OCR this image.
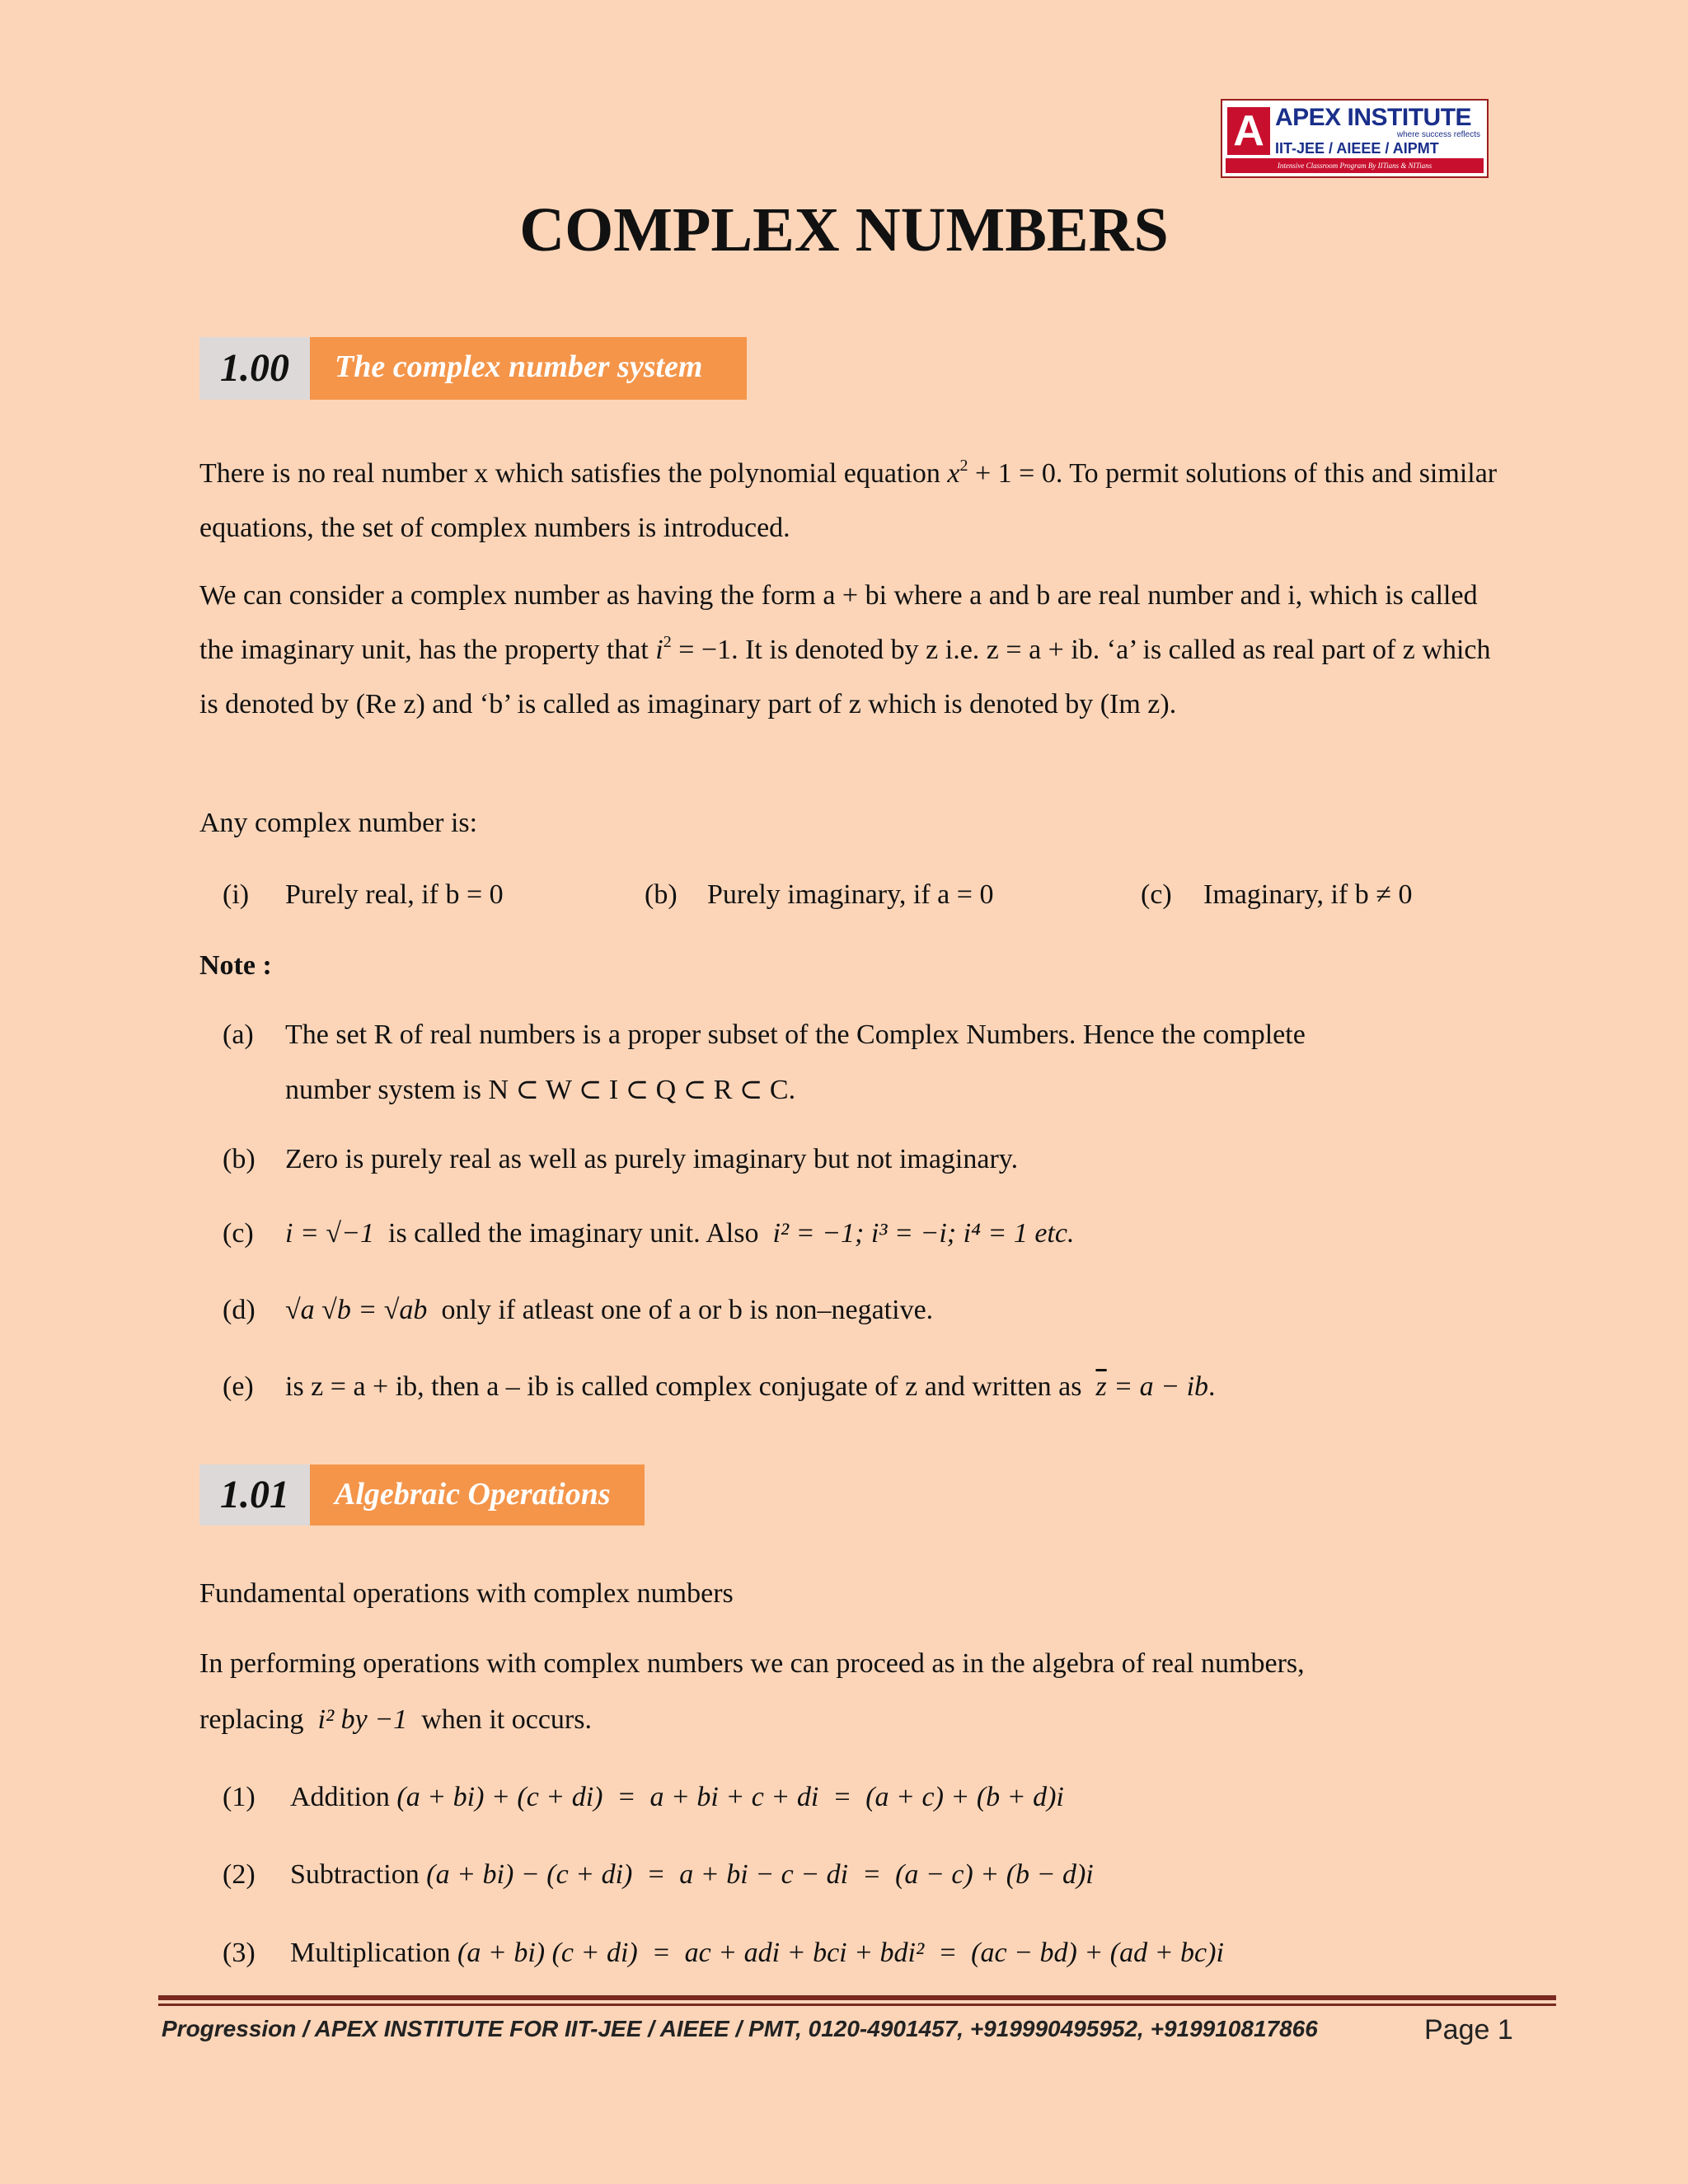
A APEX INSTITUTE
where success reflects
IIT-JEE / AIEEE / AIPMT
Intensive Classroom Program By IITians & NITians
COMPLEX NUMBERS
1.00	The complex number system
There is no real number x which satisfies the polynomial equation $x^2 + 1 = 0$. To permit solutions of this and similar equations, the set of complex numbers is introduced.
We can consider a complex number as having the form a + bi where a and b are real number and i, which is called the imaginary unit, has the property that $i^2 = -1$. It is denoted by z i.e. z = a + ib. ‘a’ is called as real part of z which is denoted by (Re z) and ‘b’ is called as imaginary part of z which is denoted by (Im z).
Any complex number is:
(i) Purely real, if b = 0	(b) Purely imaginary, if a = 0	(c) Imaginary, if b ≠ 0
Note :
(a) The set R of real numbers is a proper subset of the Complex Numbers. Hence the complete
number system is N ⊂ W ⊂ I ⊂ Q ⊂ R ⊂ C.
(b) Zero is purely real as well as purely imaginary but not imaginary.
(c) i = √−1 is called the imaginary unit. Also i² = −1; i³ = −i; i⁴ = 1 etc.
(d) √a √b = √ab only if atleast one of a or b is non–negative.
(e) is z = a + ib, then a – ib is called complex conjugate of z and written as $\overline{z} = a$ − ib.
1.01	Algebraic Operations
Fundamental operations with complex numbers
In performing operations with complex numbers we can proceed as in the algebra of real numbers,
replacing i² by −1 when it occurs.
(1) Addition (a + bi) + (c + di)  =  a + bi + c + di  =  (a + c) + (b + d)i
(2) Subtraction (a + bi) − (c + di)  =  a + bi − c − di  =  (a − c) + (b − d)i
(3) Multiplication (a + bi) (c + di)  =  ac + adi + bci + bdi²  =  (ac − bd) + (ad + bc)i
Progression / APEX INSTITUTE FOR IIT-JEE / AIEEE / PMT, 0120-4901457, +919990495952, +919910817866	Page 1
